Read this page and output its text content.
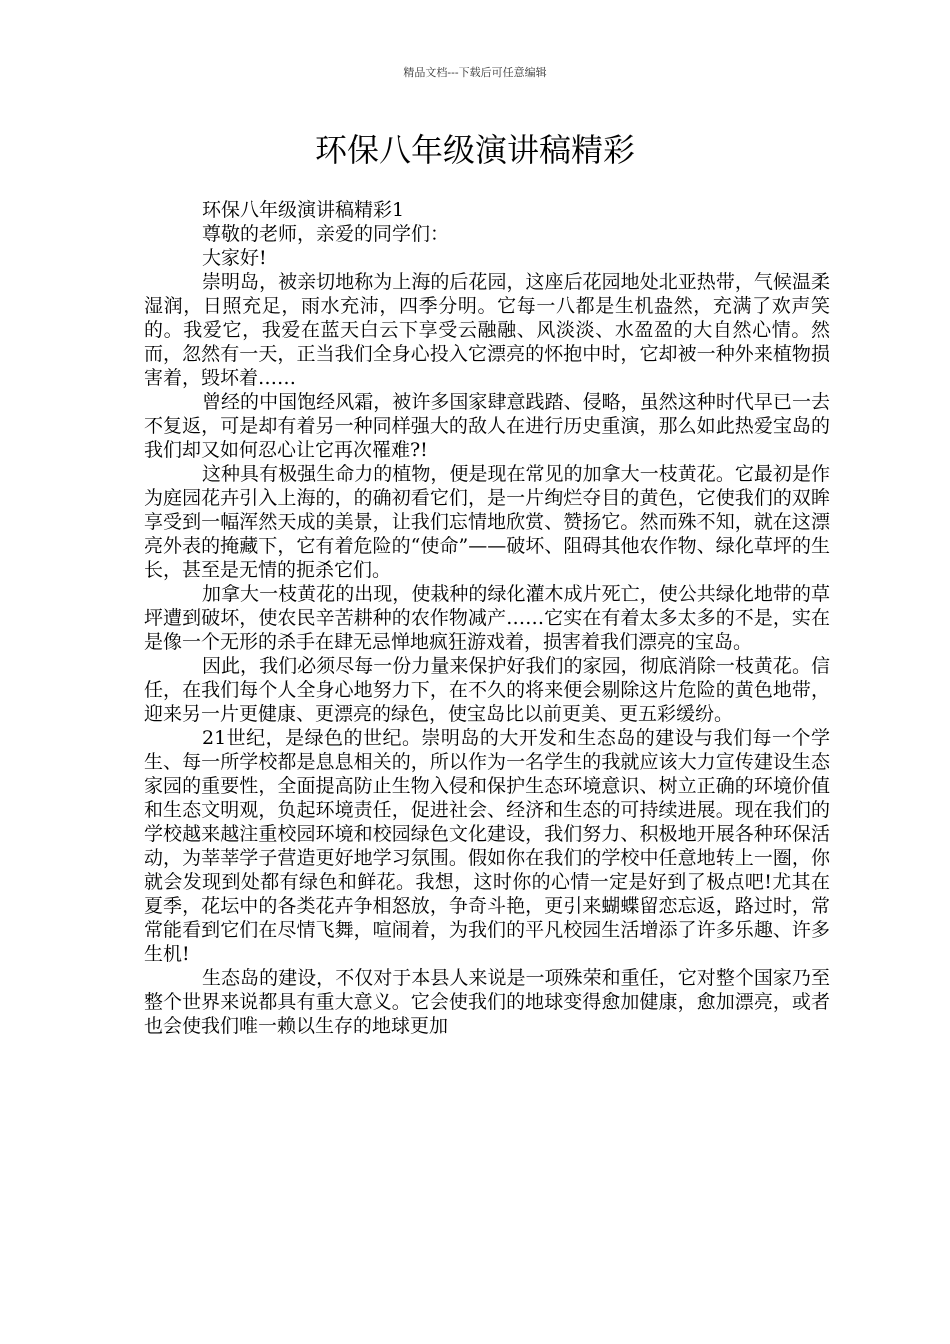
精品文档---下载后可任意编辑
环保八年级演讲稿精彩

环保八年级演讲稿精彩1

尊敬的老师，亲爱的同学们：

大家好!

崇明岛，被亲切地称为上海的后花园，这座后花园地处北亚热带，气候温柔湿润，日照充足，雨水充沛，四季分明。它每一八都是生机盎然，充满了欢声笑的。我爱它，我爱在蓝天白云下享受云融融、风淡淡、水盈盈的大自然心情。然而，忽然有一天，正当我们全身心投入它漂亮的怀抱中时，它却被一种外来植物损害着，毁坏着……

曾经的中国饱经风霜，被许多国家肆意践踏、侵略，虽然这种时代早已一去不复返，可是却有着另一种同样强大的敌人在进行历史重演，那么如此热爱宝岛的我们却又如何忍心让它再次罹难?!

这种具有极强生命力的植物，便是现在常见的加拿大一枝黄花。它最初是作为庭园花卉引入上海的，的确初看它们，是一片绚烂夺目的黄色，它使我们的双眸享受到一幅浑然天成的美景，让我们忘情地欣赏、赞扬它。然而殊不知，就在这漂亮外表的掩藏下，它有着危险的“使命”——破坏、阻碍其他农作物、绿化草坪的生长，甚至是无情的扼杀它们。

加拿大一枝黄花的出现，使栽种的绿化灌木成片死亡，使公共绿化地带的草坪遭到破坏，使农民辛苦耕种的农作物减产……它实在有着太多太多的不是，实在是像一个无形的杀手在肆无忌惮地疯狂游戏着，损害着我们漂亮的宝岛。

因此，我们必须尽每一份力量来保护好我们的家园，彻底消除一枝黄花。信任，在我们每个人全身心地努力下，在不久的将来便会剔除这片危险的黄色地带，迎来另一片更健康、更漂亮的绿色，使宝岛比以前更美、更五彩缓纷。

21世纪，是绿色的世纪。崇明岛的大开发和生态岛的建设与我们每一个学生、每一所学校都是息息相关的，所以作为一名学生的我就应该大力宣传建设生态家园的重要性，全面提高防止生物入侵和保护生态环境意识、树立正确的环境价值和生态文明观，负起环境责任，促进社会、经济和生态的可持续进展。现在我们的学校越来越注重校园环境和校园绿色文化建设，我们努力、积极地开展各种环保活动，为莘莘学子营造更好地学习氛围。假如你在我们的学校中任意地转上一圈，你就会发现到处都有绿色和鲜花。我想，这时你的心情一定是好到了极点吧!尤其在夏季，花坛中的各类花卉争相怒放，争奇斗艳，更引来蝴蝶留恋忘返，路过时，常常能看到它们在尽情飞舞，喧闹着，为我们的平凡校园生活增添了许多乐趣、许多生机!

生态岛的建设，不仅对于本县人来说是一项殊荣和重任，它对整个国家乃至整个世界来说都具有重大意义。它会使我们的地球变得愈加健康，愈加漂亮，或者也会使我们唯一赖以生存的地球更加
